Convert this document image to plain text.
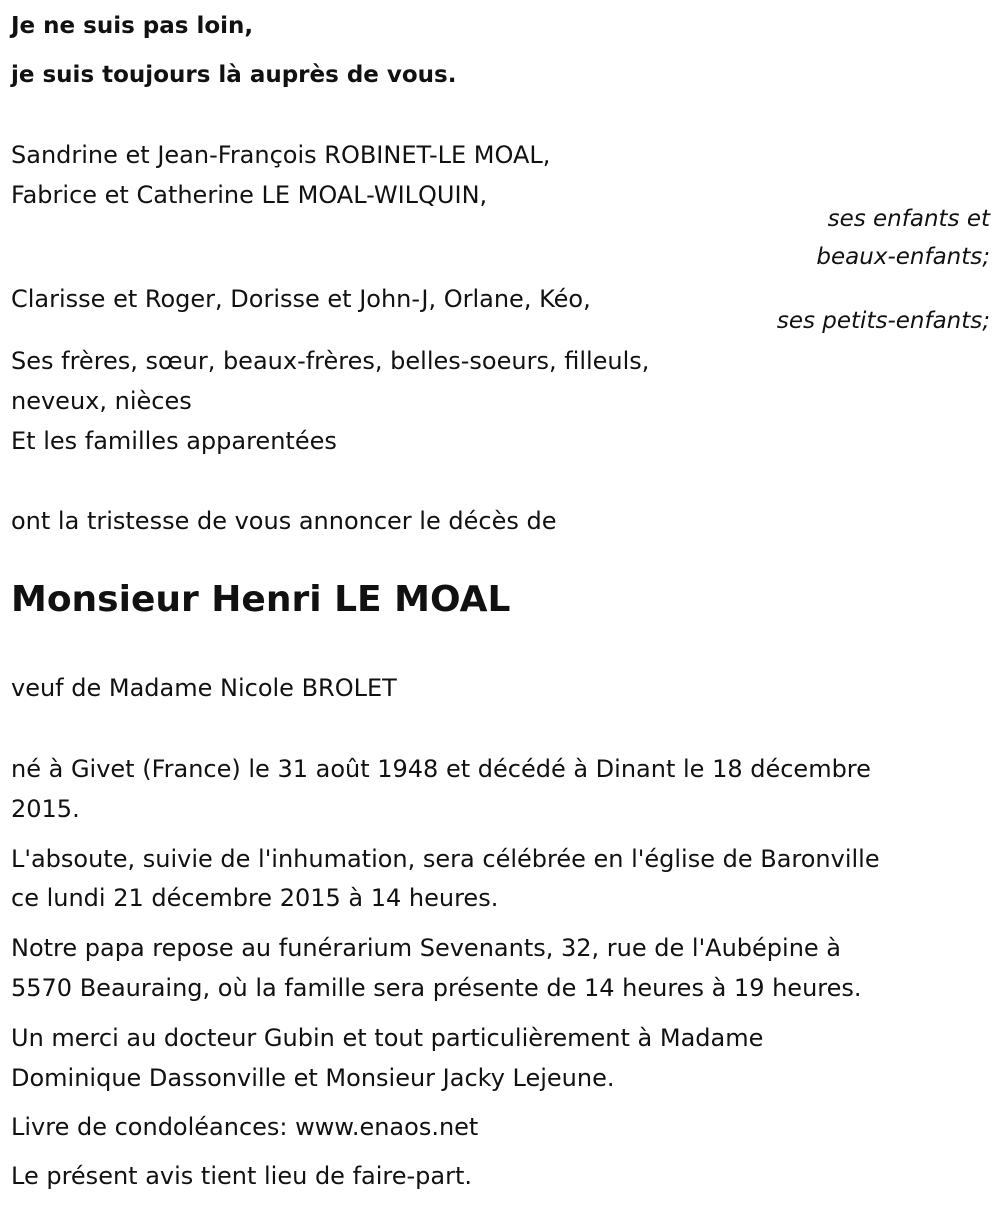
Je ne suis pas loin,
je suis toujours là auprès de vous.
Sandrine et Jean-François ROBINET-LE MOAL,
Fabrice et Catherine LE MOAL-WILQUIN,
ses enfants et
beaux-enfants;
Clarisse et Roger, Dorisse et John-J, Orlane, Kéo,
ses petits-enfants;
Ses frères, sœur, beaux-frères, belles-soeurs, filleuls,
neveux, nièces
Et les familles apparentées
ont la tristesse de vous annoncer le décès de
Monsieur Henri LE MOAL
veuf de Madame Nicole BROLET
né à Givet (France) le 31 août 1948 et décédé à Dinant le 18 décembre
2015.
L'absoute, suivie de l'inhumation, sera célébrée en l'église de Baronville
ce lundi 21 décembre 2015 à 14 heures.
Notre papa repose au funérarium Sevenants, 32, rue de l'Aubépine à
5570 Beauraing, où la famille sera présente de 14 heures à 19 heures.
Un merci au docteur Gubin et tout particulièrement à Madame
Dominique Dassonville et Monsieur Jacky Lejeune.
Livre de condoléances: www.enaos.net
Le présent avis tient lieu de faire-part.
